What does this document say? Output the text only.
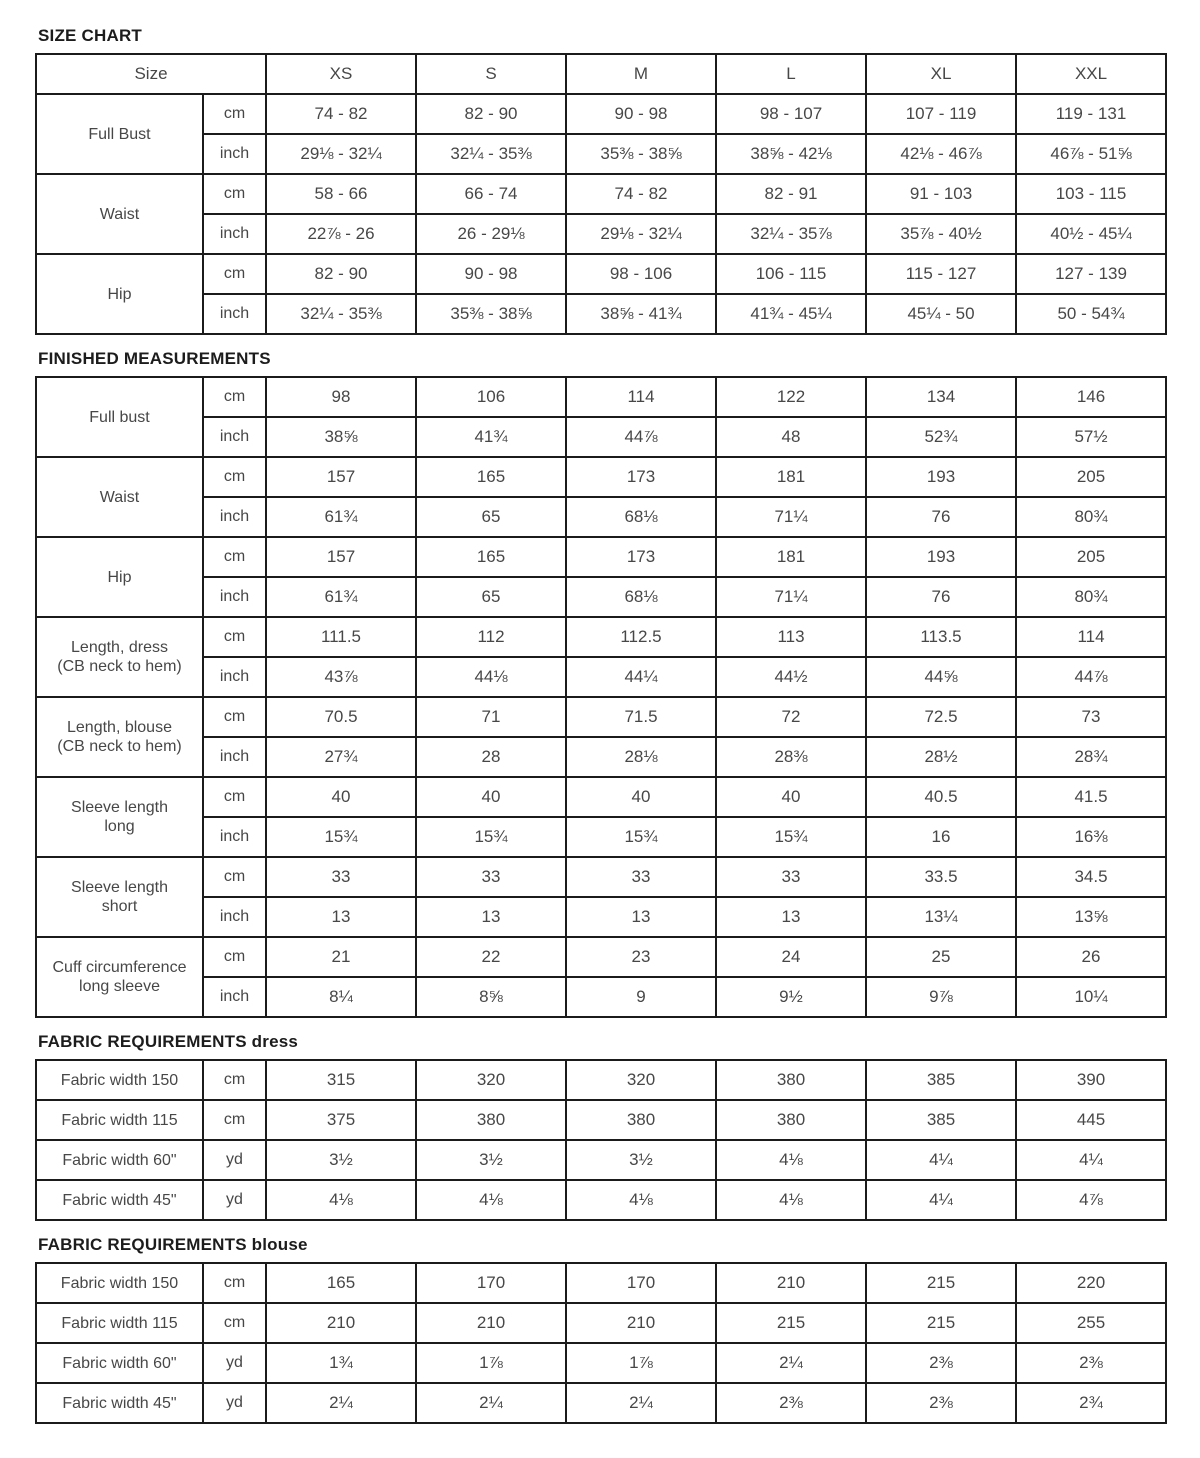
SIZE CHART
Size		XS	S	M	L	XL	XXL

Full Bust	cm	74 - 82	82 - 90	90 - 98	98 - 107	107 - 119	119 - 131
	inch	29⅛ - 32¼	32¼ - 35⅜	35⅜ - 38⅝	38⅝ - 42⅛	42⅛ - 46⅞	46⅞ - 51⅝

Waist	cm	58 - 66	66 - 74	74 - 82	82 - 91	91 - 103	103 - 115
	inch	22⅞ - 26	26 - 29⅛	29⅛ - 32¼	32¼ - 35⅞	35⅞ - 40½	40½ - 45¼

Hip	cm	82 - 90	90 - 98	98 - 106	106 - 115	115 - 127	127 - 139
	inch	32¼ - 35⅜	35⅜ - 38⅝	38⅝ - 41¾	41¾ - 45¼	45¼ - 50	50 - 54¾
FINISHED MEASUREMENTS
Full bust	cm	98	106	114	122	134	146
	inch	38⅝	41¾	44⅞	48	52¾	57½

Waist	cm	157	165	173	181	193	205
	inch	61¾	65	68⅛	71¼	76	80¾

Hip	cm	157	165	173	181	193	205
	inch	61¾	65	68⅛	71¼	76	80¾

Length, dress
(CB neck to hem)	cm	111.5	112	112.5	113	113.5	114
	inch	43⅞	44⅛	44¼	44½	44⅝	44⅞

Length, blouse
(CB neck to hem)	cm	70.5	71	71.5	72	72.5	73
	inch	27¾	28	28⅛	28⅜	28½	28¾

Sleeve length
long	cm	40	40	40	40	40.5	41.5
	inch	15¾	15¾	15¾	15¾	16	16⅜

Sleeve length
short	cm	33	33	33	33	33.5	34.5
	inch	13	13	13	13	13¼	13⅝

Cuff circumference
long sleeve	cm	21	22	23	24	25	26
	inch	8¼	8⅝	9	9½	9⅞	10¼
FABRIC REQUIREMENTS dress
Fabric width 150	cm	315	320	320	380	385	390

Fabric width 115	cm	375	380	380	380	385	445

Fabric width 60"	yd	3½	3½	3½	4⅛	4¼	4¼

Fabric width 45"	yd	4⅛	4⅛	4⅛	4⅛	4¼	4⅞
FABRIC REQUIREMENTS blouse
Fabric width 150	cm	165	170	170	210	215	220

Fabric width 115	cm	210	210	210	215	215	255

Fabric width 60"	yd	1¾	1⅞	1⅞	2¼	2⅜	2⅜

Fabric width 45"	yd	2¼	2¼	2¼	2⅜	2⅜	2¾
